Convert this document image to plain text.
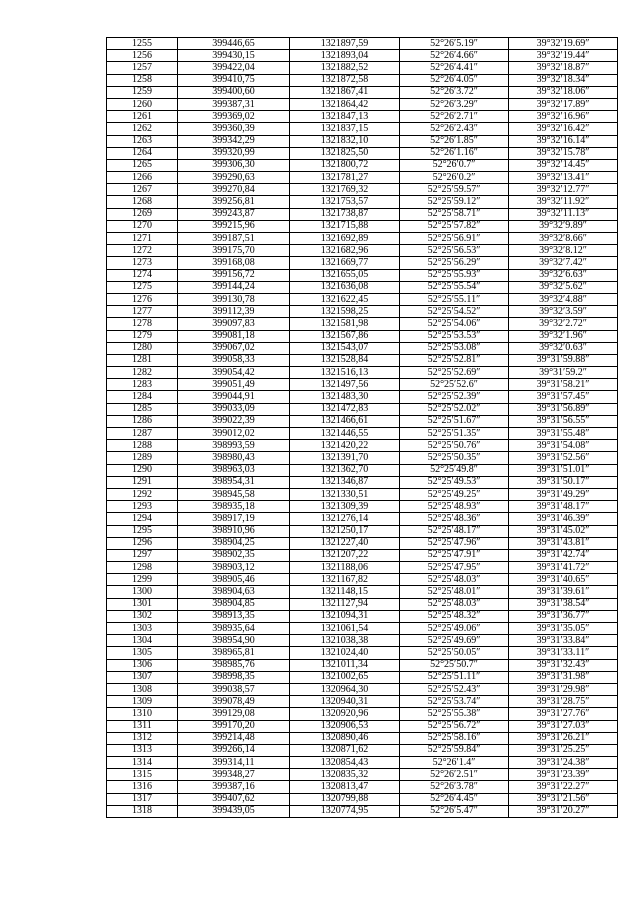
1255	399446,65	1321897,59	52°26′5.19″	39°32′19.69″
1256	399430,15	1321893,04	52°26′4.66″	39°32′19.44″
1257	399422,04	1321882,52	52°26′4.41″	39°32′18.87″
1258	399410,75	1321872,58	52°26′4.05″	39°32′18.34″
1259	399400,60	1321867,41	52°26′3.72″	39°32′18.06″
1260	399387,31	1321864,42	52°26′3.29″	39°32′17.89″
1261	399369,02	1321847,13	52°26′2.71″	39°32′16.96″
1262	399360,39	1321837,15	52°26′2.43″	39°32′16.42″
1263	399342,29	1321832,10	52°26′1.85″	39°32′16.14″
1264	399320,99	1321825,50	52°26′1.16″	39°32′15.78″
1265	399306,30	1321800,72	52°26′0.7″	39°32′14.45″
1266	399290,63	1321781,27	52°26′0.2″	39°32′13.41″
1267	399270,84	1321769,32	52°25′59.57″	39°32′12.77″
1268	399256,81	1321753,57	52°25′59.12″	39°32′11.92″
1269	399243,87	1321738,87	52°25′58.71″	39°32′11.13″
1270	399215,96	1321715,88	52°25′57.82″	39°32′9.89″
1271	399187,51	1321692,89	52°25′56.91″	39°32′8.66″
1272	399175,70	1321682,96	52°25′56.53″	39°32′8.12″
1273	399168,08	1321669,77	52°25′56.29″	39°32′7.42″
1274	399156,72	1321655,05	52°25′55.93″	39°32′6.63″
1275	399144,24	1321636,08	52°25′55.54″	39°32′5.62″
1276	399130,78	1321622,45	52°25′55.11″	39°32′4.88″
1277	399112,39	1321598,25	52°25′54.52″	39°32′3.59″
1278	399097,83	1321581,98	52°25′54.06″	39°32′2.72″
1279	399081,18	1321567,86	52°25′53.53″	39°32′1.96″
1280	399067,02	1321543,07	52°25′53.08″	39°32′0.63″
1281	399058,33	1321528,84	52°25′52.81″	39°31′59.88″
1282	399054,42	1321516,13	52°25′52.69″	39°31′59.2″
1283	399051,49	1321497,56	52°25′52.6″	39°31′58.21″
1284	399044,91	1321483,30	52°25′52.39″	39°31′57.45″
1285	399033,09	1321472,83	52°25′52.02″	39°31′56.89″
1286	399022,39	1321466,61	52°25′51.67″	39°31′56.55″
1287	399012,02	1321446,55	52°25′51.35″	39°31′55.48″
1288	398993,59	1321420,22	52°25′50.76″	39°31′54.08″
1289	398980,43	1321391,70	52°25′50.35″	39°31′52.56″
1290	398963,03	1321362,70	52°25′49.8″	39°31′51.01″
1291	398954,31	1321346,87	52°25′49.53″	39°31′50.17″
1292	398945,58	1321330,51	52°25′49.25″	39°31′49.29″
1293	398935,18	1321309,39	52°25′48.93″	39°31′48.17″
1294	398917,19	1321276,14	52°25′48.36″	39°31′46.39″
1295	398910,96	1321250,17	52°25′48.17″	39°31′45.02″
1296	398904,25	1321227,40	52°25′47.96″	39°31′43.81″
1297	398902,35	1321207,22	52°25′47.91″	39°31′42.74″
1298	398903,12	1321188,06	52°25′47.95″	39°31′41.72″
1299	398905,46	1321167,82	52°25′48.03″	39°31′40.65″
1300	398904,63	1321148,15	52°25′48.01″	39°31′39.61″
1301	398904,85	1321127,94	52°25′48.03″	39°31′38.54″
1302	398913,35	1321094,31	52°25′48.32″	39°31′36.77″
1303	398935,64	1321061,54	52°25′49.06″	39°31′35.05″
1304	398954,90	1321038,38	52°25′49.69″	39°31′33.84″
1305	398965,81	1321024,40	52°25′50.05″	39°31′33.11″
1306	398985,76	1321011,34	52°25′50.7″	39°31′32.43″
1307	398998,35	1321002,65	52°25′51.11″	39°31′31.98″
1308	399038,57	1320964,30	52°25′52.43″	39°31′29.98″
1309	399078,49	1320940,31	52°25′53.74″	39°31′28.75″
1310	399129,08	1320920,96	52°25′55.38″	39°31′27.76″
1311	399170,20	1320906,53	52°25′56.72″	39°31′27.03″
1312	399214,48	1320890,46	52°25′58.16″	39°31′26.21″
1313	399266,14	1320871,62	52°25′59.84″	39°31′25.25″
1314	399314,11	1320854,43	52°26′1.4″	39°31′24.38″
1315	399348,27	1320835,32	52°26′2.51″	39°31′23.39″
1316	399387,16	1320813,47	52°26′3.78″	39°31′22.27″
1317	399407,62	1320799,88	52°26′4.45″	39°31′21.56″
1318	399439,05	1320774,95	52°26′5.47″	39°31′20.27″
